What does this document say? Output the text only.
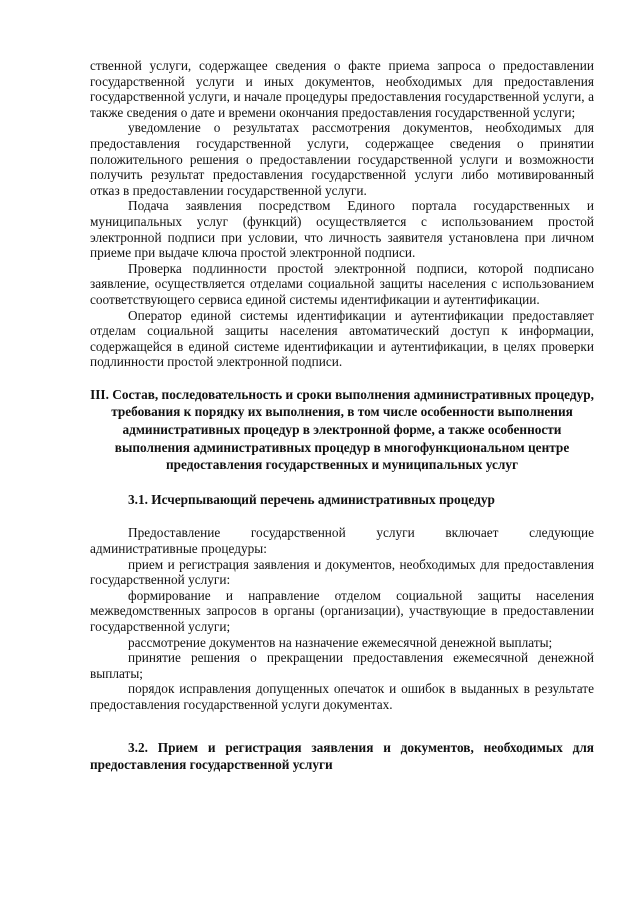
ственной услуги, содержащее сведения о факте приема запроса о предоставлении государственной услуги и иных документов, необходимых для предоставления государственной услуги, и начале процедуры предоставления государственной услуги, а также сведения о дате и времени окончания предоставления государственной услуги;

уведомление о результатах рассмотрения документов, необходимых для предоставления государственной услуги, содержащее сведения о принятии положительного решения о предоставлении государственной услуги и возможности получить результат предоставления государственной услуги либо мотивированный отказ в предоставлении государственной услуги.

Подача заявления посредством Единого портала государственных и муниципальных услуг (функций) осуществляется с использованием простой электронной подписи при условии, что личность заявителя установлена при личном приеме при выдаче ключа простой электронной подписи.

Проверка подлинности простой электронной подписи, которой подписано заявление, осуществляется отделами социальной защиты населения с использованием соответствующего сервиса единой системы идентификации и аутентификации.

Оператор единой системы идентификации и аутентификации предоставляет отделам социальной защиты населения автоматический доступ к информации, содержащейся в единой системе идентификации и аутентификации, в целях проверки подлинности простой электронной подписи.

III. Состав, последовательность и сроки выполнения административных процедур, требования к порядку их выполнения, в том числе особенности выполнения административных процедур в электронной форме, а также особенности выполнения административных процедур в многофункциональном центре предоставления государственных и муниципальных услуг

3.1. Исчерпывающий перечень административных процедур

Предоставление государственной услуги включает следующие административные процедуры:

прием и регистрация заявления и документов, необходимых для предоставления государственной услуги:

формирование и направление отделом социальной защиты населения межведомственных запросов в органы (организации), участвующие в предоставлении государственной услуги;

рассмотрение документов на назначение ежемесячной денежной выплаты;

принятие решения о прекращении предоставления ежемесячной денежной выплаты;

порядок исправления допущенных опечаток и ошибок в выданных в результате предоставления государственной услуги документах.

3.2. Прием и регистрация заявления и документов, необходимых для предоставления государственной услуги
